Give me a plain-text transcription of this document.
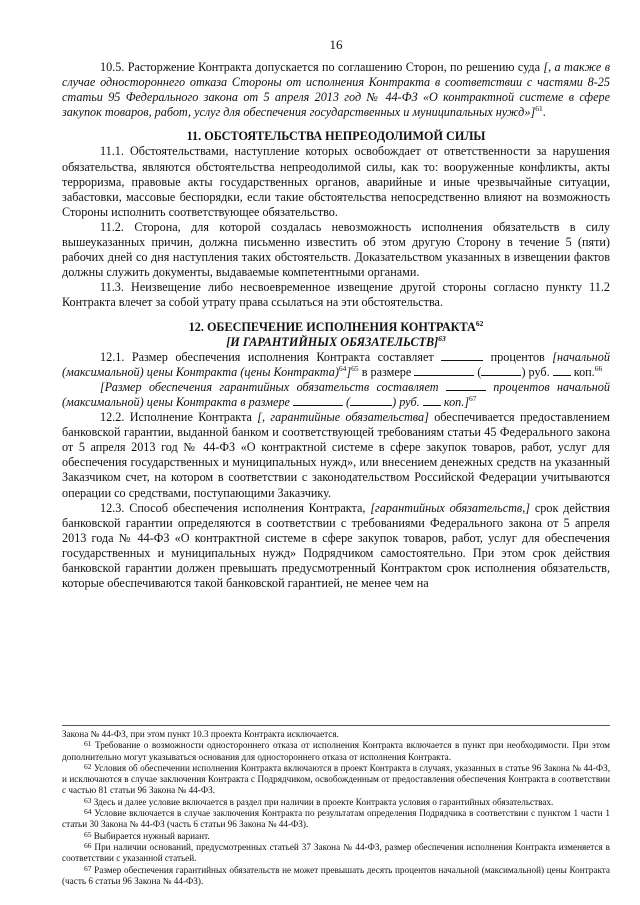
16

10.5. Расторжение Контракта допускается по соглашению Сторон, по решению суда [, а также в случае одностороннего отказа Стороны от исполнения Контракта в соответствии с частями 8-25 статьи 95 Федерального закона от 5 апреля 2013 год № 44-ФЗ «О контрактной системе в сфере закупок товаров, работ, услуг для обеспечения государственных и муниципальных нужд»]$^{61}$.

11. ОБСТОЯТЕЛЬСТВА НЕПРЕОДОЛИМОЙ СИЛЫ

11.1. Обстоятельствами, наступление которых освобождает от ответственности за нарушения обязательства, являются обстоятельства непреодолимой силы, как то: вооруженные конфликты, акты терроризма, правовые акты государственных органов, аварийные и иные чрезвычайные ситуации, забастовки, массовые беспорядки, если такие обстоятельства непосредственно влияют на возможность Стороны исполнить соответствующее обязательство.

11.2. Сторона, для которой создалась невозможность исполнения обязательств в силу вышеуказанных причин, должна письменно известить об этом другую Сторону в течение 5 (пяти) рабочих дней со дня наступления таких обстоятельств. Доказательством указанных в извещении фактов должны служить документы, выдаваемые компетентными органами.

11.3. Неизвещение либо несвоевременное извещение другой стороны согласно пункту 11.2 Контракта влечет за собой утрату права ссылаться на эти обстоятельства.

12. ОБЕСПЕЧЕНИЕ ИСПОЛНЕНИЯ КОНТРАКТА$^{62}$

[И ГАРАНТИЙНЫХ ОБЯЗАТЕЛЬСТВ]$^{63}$

12.1. Размер обеспечения исполнения Контракта составляет	процентов [начальной (максимальной) цены Контракта (цены Контракта)$^{64}$]$^{65}$ в размере	(	) руб.  коп.$^{66}$

[Размер обеспечения гарантийных обязательств составляет	процентов начальной (максимальной) цены Контракта в размере	(	) руб.  коп.]$^{67}$

12.2. Исполнение Контракта [, гарантийные обязательства] обеспечивается предоставлением банковской гарантии, выданной банком и соответствующей требованиям статьи 45 Федерального закона от 5 апреля 2013 год № 44-ФЗ «О контрактной системе в сфере закупок товаров, работ, услуг для обеспечения государственных и муниципальных нужд», или внесением денежных средств на указанный Заказчиком счет, на котором в соответствии с законодательством Российской Федерации учитываются операции со средствами, поступающими Заказчику.

12.3. Способ обеспечения исполнения Контракта, [гарантийных обязательств,] срок действия банковской гарантии определяются в соответствии с требованиями Федерального закона от 5 апреля 2013 года № 44-ФЗ «О контрактной системе в сфере закупок товаров, работ, услуг для обеспечения государственных и муниципальных нужд» Подрядчиком самостоятельно. При этом срок действия банковской гарантии должен превышать предусмотренный Контрактом срок исполнения обязательств, которые обеспечиваются такой банковской гарантией, не менее чем на

Закона № 44-ФЗ, при этом пункт 10.3 проекта Контракта исключается.

$^{61}$ Требование о возможности одностороннего отказа от исполнения Контракта включается в пункт при необходимости. При этом дополнительно могут указываться основания для одностороннего отказа от исполнения Контракта.

$^{62}$ Условия об обеспечении исполнения Контракта включаются в проект Контракта в случаях, указанных в статье 96 Закона № 44-ФЗ, и исключаются в случае заключения Контракта с Подрядчиком, освобожденным от предоставления обеспечения Контракта в соответствии с частью 81 статьи 96 Закона № 44-ФЗ.

$^{63}$ Здесь и далее условие включается в раздел при наличии в проекте Контракта условия о гарантийных обязательствах.

$^{64}$ Условие включается в случае заключения Контракта по результатам определения Подрядчика в соответствии с пунктом 1 части 1 статьи 30 Закона № 44-ФЗ (часть 6 статьи 96 Закона № 44-ФЗ).

$^{65}$ Выбирается нужный вариант.

$^{66}$ При наличии оснований, предусмотренных статьей 37 Закона № 44-ФЗ, размер обеспечения исполнения Контракта изменяется в соответствии с указанной статьей.

$^{67}$ Размер обеспечения гарантийных обязательств не может превышать десять процентов начальной (максимальной) цены Контракта (часть 6 статьи 96 Закона № 44-ФЗ).
